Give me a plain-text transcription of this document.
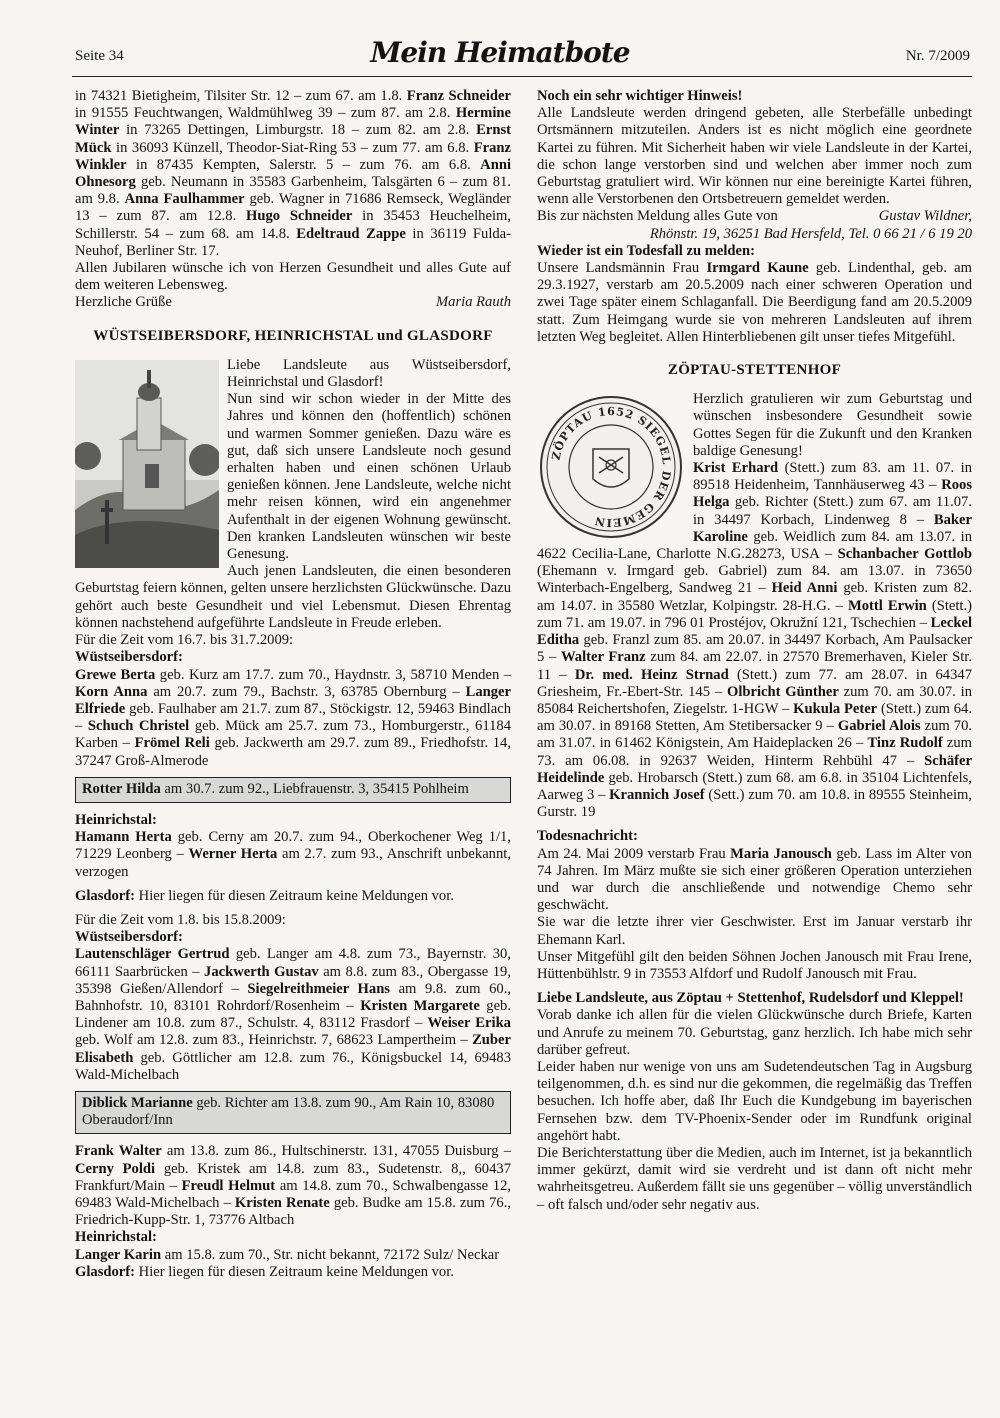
Seite 34	Mein Heimatbote	Nr. 7/2009

in 74321 Bietigheim, Tilsiter Str. 12 – zum 67. am 1.8. Franz Schneider in 91555 Feuchtwangen, Waldmühlweg 39 – zum 87. am 2.8. Hermine Winter in 73265 Dettingen, Limburgstr. 18 – zum 82. am 2.8. Ernst Mück in 36093 Künzell, Theodor-Siat-Ring 53 – zum 77. am 6.8. Franz Winkler in 87435 Kempten, Salerstr. 5 – zum 76. am 6.8. Anni Ohnesorg geb. Neumann in 35583 Garbenheim, Talsgärten 6 – zum 81. am 9.8. Anna Faulhammer geb. Wagner in 71686 Remseck, Wegländer 13 – zum 87. am 12.8. Hugo Schneider in 35453 Heuchelheim, Schillerstr. 54 – zum 68. am 14.8. Edeltraud Zappe in 36119 Fulda-Neuhof, Berliner Str. 17.

Allen Jubilaren wünsche ich von Herzen Gesundheit und alles Gute auf dem weiteren Lebensweg.

Herzliche Grüße	Maria Rauth
WÜSTSEIBERSDORF, HEINRICHSTAL und GLASDORF

Liebe Landsleute aus Wüstseibersdorf, Heinrichstal und Glasdorf!
Nun sind wir schon wieder in der Mitte des Jahres und können den (hoffentlich) schönen und warmen Sommer genießen. Dazu wäre es gut, daß sich unsere Landsleute noch gesund erhalten haben und einen schönen Urlaub genießen können. Jene Landsleute, welche nicht mehr reisen können, wird ein angenehmer Aufenthalt in der eigenen Wohnung gewünscht. Den kranken Landsleuten wünschen wir beste Genesung.

Auch jenen Landsleuten, die einen besonderen Geburtstag feiern können, gelten unsere herzlichsten Glückwünsche. Dazu gehört auch beste Gesundheit und viel Lebensmut. Diesen Ehrentag können nachstehend aufgeführte Landsleute in Freude erleben.

Für die Zeit vom 16.7. bis 31.7.2009:

Wüstseibersdorf:

Grewe Berta geb. Kurz am 17.7. zum 70., Haydnstr. 3, 58710 Menden – Korn Anna am 20.7. zum 79., Bachstr. 3, 63785 Obernburg – Langer Elfriede geb. Faulhaber am 21.7. zum 87., Stöckigstr. 12, 59463 Bindlach – Schuch Christel geb. Mück am 25.7. zum 73., Homburgerstr., 61184 Karben – Frömel Reli geb. Jackwerth am 29.7. zum 89., Friedhofstr. 14, 37247 Groß-Almerode

Rotter Hilda am 30.7. zum 92., Liebfrauenstr. 3, 35415 Pohlheim

Heinrichstal:

Hamann Herta geb. Cerny am 20.7. zum 94., Oberkochener Weg 1/1, 71229 Leonberg – Werner Herta am 2.7. zum 93., Anschrift unbekannt, verzogen

Glasdorf: Hier liegen für diesen Zeitraum keine Meldungen vor.

Für die Zeit vom 1.8. bis 15.8.2009:

Wüstseibersdorf:

Lautenschläger Gertrud geb. Langer am 4.8. zum 73., Bayernstr. 30, 66111 Saarbrücken – Jackwerth Gustav am 8.8. zum 83., Obergasse 19, 35398 Gießen/Allendorf – Siegelreithmeier Hans am 9.8. zum 60., Bahnhofstr. 10, 83101 Rohrdorf/Rosenheim – Kristen Margarete geb. Lindener am 10.8. zum 87., Schulstr. 4, 83112 Frasdorf – Weiser Erika geb. Wolf am 12.8. zum 83., Heinrichstr. 7, 68623 Lampertheim – Zuber Elisabeth geb. Göttlicher am 12.8. zum 76., Königsbuckel 14, 69483 Wald-Michelbach

Diblick Marianne geb. Richter am 13.8. zum 90., Am Rain 10, 83080 Oberaudorf/Inn

Frank Walter am 13.8. zum 86., Hultschinerstr. 131, 47055 Duisburg – Cerny Poldi geb. Kristek am 14.8. zum 83., Sudetenstr. 8,, 60437 Frankfurt/Main – Freudl Helmut am 14.8. zum 70., Schwalbengasse 12, 69483 Wald-Michelbach – Kristen Renate geb. Budke am 15.8. zum 76., Friedrich-Kupp-Str. 1, 73776 Altbach

Heinrichstal:

Langer Karin am 15.8. zum 70., Str. nicht bekannt, 72172 Sulz/ Neckar

Glasdorf: Hier liegen für diesen Zeitraum keine Meldungen vor.

Noch ein sehr wichtiger Hinweis!

Alle Landsleute werden dringend gebeten, alle Sterbefälle unbedingt Ortsmännern mitzuteilen. Anders ist es nicht möglich eine geordnete Kartei zu führen. Mit Sicherheit haben wir viele Landsleute in der Kartei, die schon lange verstorben sind und welchen aber immer noch zum Geburtstag gratuliert wird. Wir können nur eine bereinigte Kartei führen, wenn alle Verstorbenen den Ortsbetreuern gemeldet werden.

Bis zur nächsten Meldung alles Gute von	Gustav Wildner,

Rhönstr. 19, 36251 Bad Hersfeld, Tel. 0 66 21 / 6 19 20

Wieder ist ein Todesfall zu melden:

Unsere Landsmännin Frau Irmgard Kaune geb. Lindenthal, geb. am 29.3.1927, verstarb am 20.5.2009 nach einer schweren Operation und zwei Tage später einem Schlaganfall. Die Beerdigung fand am 20.5.2009 statt. Zum Heimgang wurde sie von mehreren Landsleuten auf ihrem letzten Weg begleitet. Allen Hinterbliebenen gilt unser tiefes Mitgefühl.

ZÖPTAU-STETTENHOF
ZÖPTAU 1652 SIEGEL DER GEMEIN

Herzlich gratulieren wir zum Geburtstag und wünschen insbesondere Gesundheit sowie Gottes Segen für die Zukunft und den Kranken baldige Genesung!
Krist Erhard (Stett.) zum 83. am 11. 07. in 89518 Heidenheim, Tannhäuserweg 43 – Roos Helga geb. Richter (Stett.) zum 67. am 11.07. in 34497 Korbach, Lindenweg 8 – Baker Karoline geb. Weidlich zum 84. am 13.07. in 4622 Cecilia-Lane, Charlotte N.G.28273, USA – Schanbacher Gottlob (Ehemann v. Irmgard geb. Gabriel) zum 84. am 13.07. in 73650 Winterbach-Engelberg, Sandweg 21 – Heid Anni geb. Kristen zum 82. am 14.07. in 35580 Wetzlar, Kolpingstr. 28-H.G. – Mottl Erwin (Stett.) zum 71. am 19.07. in 796 01 Prostéjov, Okružní 121, Tschechien – Leckel Editha geb. Franzl zum 85. am 20.07. in 34497 Korbach, Am Paulsacker 5 – Walter Franz zum 84. am 22.07. in 27570 Bremerhaven, Kieler Str. 11 – Dr. med. Heinz Strnad (Stett.) zum 77. am 28.07. in 64347 Griesheim, Fr.-Ebert-Str. 145 – Olbricht Günther zum 70. am 30.07. in 85084 Reichertshofen, Ziegelstr. 1-HGW – Kukula Peter (Stett.) zum 64. am 30.07. in 89168 Stetten, Am Stetibersacker 9 – Gabriel Alois zum 70. am 31.07. in 61462 Königstein, Am Haideplacken 26 – Tinz Rudolf zum 73. am 06.08. in 92637 Weiden, Hinterm Rehbühl 47 – Schäfer Heidelinde geb. Hrobarsch (Stett.) zum 68. am 6.8. in 35104 Lichtenfels, Aarweg 3 – Krannich Josef (Sett.) zum 70. am 10.8. in 89555 Steinheim, Gurstr. 19

Todesnachricht:

Am 24. Mai 2009 verstarb Frau Maria Janousch geb. Lass im Alter von 74 Jahren. Im März mußte sie sich einer größeren Operation unterziehen und war durch die anschließende und notwendige Chemo sehr geschwächt.

Sie war die letzte ihrer vier Geschwister. Erst im Januar verstarb ihr Ehemann Karl.

Unser Mitgefühl gilt den beiden Söhnen Jochen Janousch mit Frau Irene, Hüttenbühlstr. 9 in 73553 Alfdorf und Rudolf Janousch mit Frau.

Liebe Landsleute, aus Zöptau + Stettenhof, Rudelsdorf und Kleppel!

Vorab danke ich allen für die vielen Glückwünsche durch Briefe, Karten und Anrufe zu meinem 70. Geburtstag, ganz herzlich. Ich habe mich sehr darüber gefreut.

Leider haben nur wenige von uns am Sudetendeutschen Tag in Augsburg teilgenommen, d.h. es sind nur die gekommen, die regelmäßig das Treffen besuchen. Ich hoffe aber, daß Ihr Euch die Kundgebung im bayerischen Fernsehen bzw. dem TV-Phoenix-Sender oder im Rundfunk original angehört habt.

Die Berichterstattung über die Medien, auch im Internet, ist ja bekanntlich immer gekürzt, damit wird sie verdreht und ist dann oft nicht mehr wahrheitsgetreu. Außerdem fällt sie uns gegenüber – völlig unverständlich – oft falsch und/oder sehr negativ aus.
